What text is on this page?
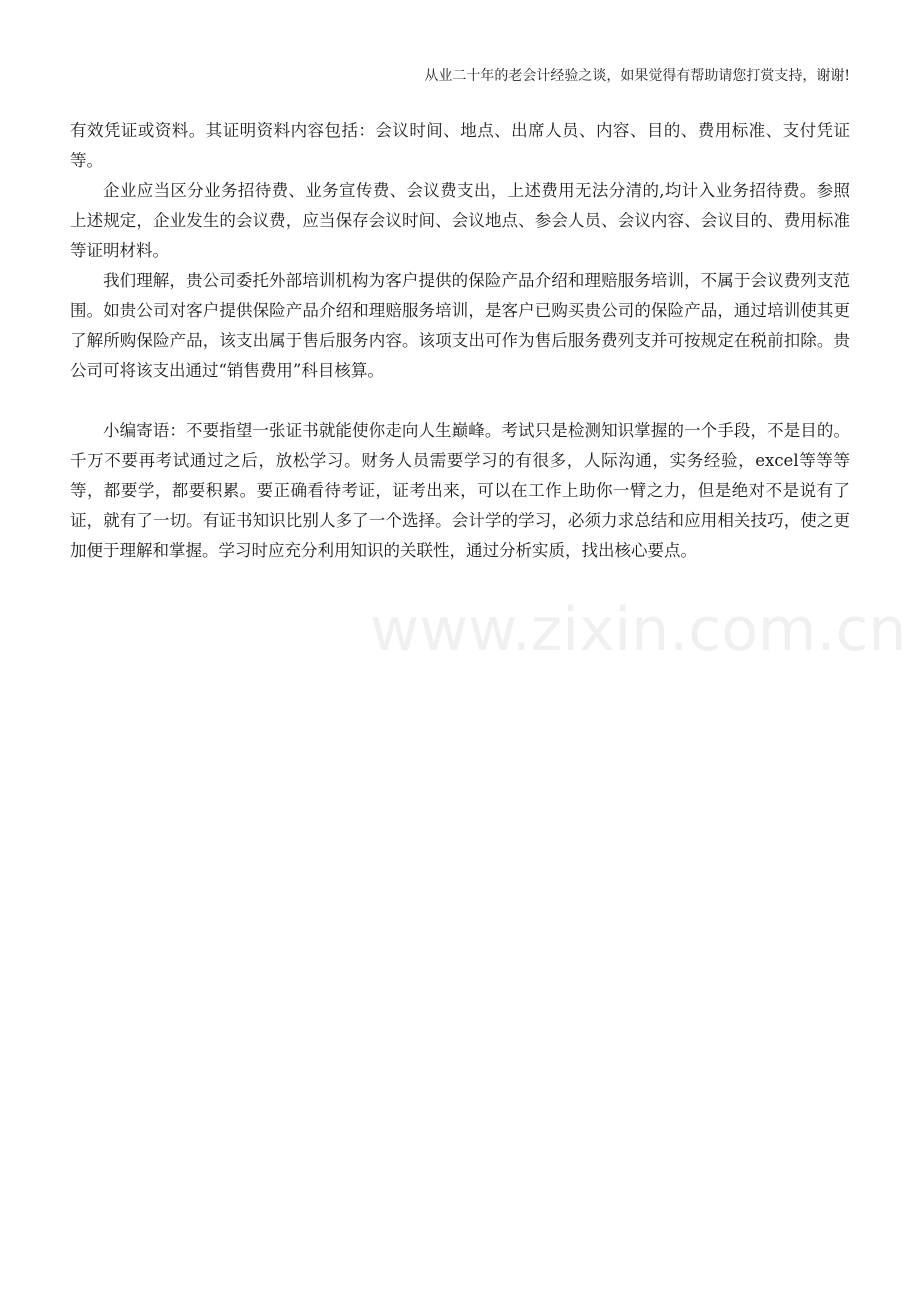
从业二十年的老会计经验之谈，如果觉得有帮助请您打赏支持，谢谢!

有效凭证或资料。其证明资料内容包括：会议时间、地点、出席人员、内容、目的、费用标准、支付凭证等。

企业应当区分业务招待费、业务宣传费、会议费支出，上述费用无法分清的,均计入业务招待费。参照上述规定，企业发生的会议费，应当保存会议时间、会议地点、参会人员、会议内容、会议目的、费用标准等证明材料。

我们理解，贵公司委托外部培训机构为客户提供的保险产品介绍和理赔服务培训，不属于会议费列支范围。如贵公司对客户提供保险产品介绍和理赔服务培训，是客户已购买贵公司的保险产品，通过培训使其更了解所购保险产品，该支出属于售后服务内容。该项支出可作为售后服务费列支并可按规定在税前扣除。贵公司可将该支出通过“销售费用”科目核算。

小编寄语：不要指望一张证书就能使你走向人生巅峰。考试只是检测知识掌握的一个手段，不是目的。千万不要再考试通过之后，放松学习。财务人员需要学习的有很多，人际沟通，实务经验，excel等等等等，都要学，都要积累。要正确看待考证，证考出来，可以在工作上助你一臂之力，但是绝对不是说有了证，就有了一切。有证书知识比别人多了一个选择。会计学的学习，必须力求总结和应用相关技巧，使之更加便于理解和掌握。学习时应充分利用知识的关联性，通过分析实质，找出核心要点。

www.zixin.com.cn
